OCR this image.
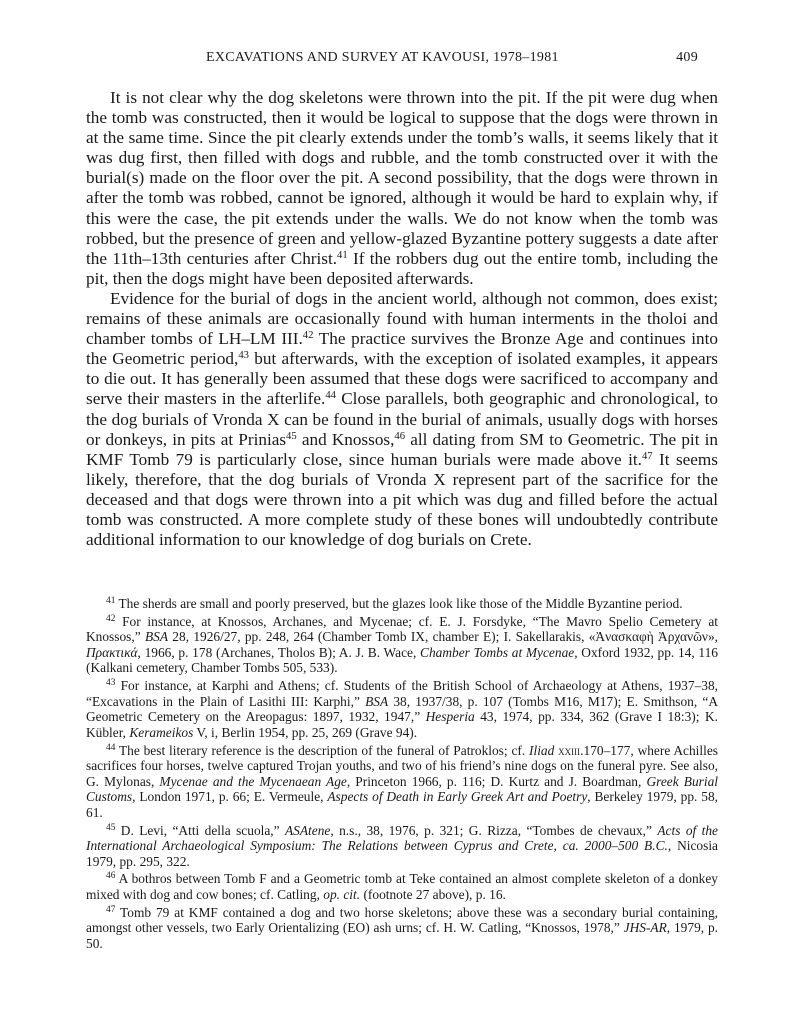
EXCAVATIONS AND SURVEY AT KAVOUSI, 1978–1981	409

It is not clear why the dog skeletons were thrown into the pit. If the pit were dug when the tomb was constructed, then it would be logical to suppose that the dogs were thrown in at the same time. Since the pit clearly extends under the tomb’s walls, it seems likely that it was dug first, then filled with dogs and rubble, and the tomb constructed over it with the burial(s) made on the floor over the pit. A second possibility, that the dogs were thrown in after the tomb was robbed, cannot be ignored, although it would be hard to explain why, if this were the case, the pit extends under the walls. We do not know when the tomb was robbed, but the presence of green and yellow-glazed Byzantine pottery suggests a date after the 11th–13th centuries after Christ.$^{41}$ If the robbers dug out the entire tomb, including the pit, then the dogs might have been deposited afterwards.

Evidence for the burial of dogs in the ancient world, although not common, does exist; remains of these animals are occasionally found with human interments in the tholoi and chamber tombs of LH–LM III.$^{42}$ The practice survives the Bronze Age and continues into the Geometric period,$^{43}$ but afterwards, with the exception of isolated examples, it appears to die out. It has generally been assumed that these dogs were sacrificed to accompany and serve their masters in the afterlife.$^{44}$ Close parallels, both geographic and chronological, to the dog burials of Vronda X can be found in the burial of animals, usually dogs with horses or donkeys, in pits at Prinias$^{45}$ and Knossos,$^{46}$ all dating from SM to Geometric. The pit in KMF Tomb 79 is particularly close, since human burials were made above it.$^{47}$ It seems likely, therefore, that the dog burials of Vronda X represent part of the sacrifice for the deceased and that dogs were thrown into a pit which was dug and filled before the actual tomb was constructed. A more complete study of these bones will undoubtedly contribute additional information to our knowledge of dog burials on Crete.

$^{41}$ The sherds are small and poorly preserved, but the glazes look like those of the Middle Byzantine period.

$^{42}$ For instance, at Knossos, Archanes, and Mycenae; cf. E. J. Forsdyke, “The Mavro Spelio Cemetery at Knossos,” BSA 28, 1926/27, pp. 248, 264 (Chamber Tomb IX, chamber E); I. Sakellarakis, «Ἀνασκαφὴ Ἀρχανῶν», Πρακτικά, 1966, p. 178 (Archanes, Tholos B); A. J. B. Wace, Chamber Tombs at Mycenae, Oxford 1932, pp. 14, 116 (Kalkani cemetery, Chamber Tombs 505, 533).

$^{43}$ For instance, at Karphi and Athens; cf. Students of the British School of Archaeology at Athens, 1937–38, “Excavations in the Plain of Lasithi III: Karphi,” BSA 38, 1937/38, p. 107 (Tombs M16, M17); E. Smithson, “A Geometric Cemetery on the Areopagus: 1897, 1932, 1947,” Hesperia 43, 1974, pp. 334, 362 (Grave I 18:3); K. Kübler, Kerameikos V, i, Berlin 1954, pp. 25, 269 (Grave 94).

$^{44}$ The best literary reference is the description of the funeral of Patroklos; cf. Iliad xxiii.170–177, where Achilles sacrifices four horses, twelve captured Trojan youths, and two of his friend’s nine dogs on the funeral pyre. See also, G. Mylonas, Mycenae and the Mycenaean Age, Princeton 1966, p. 116; D. Kurtz and J. Boardman, Greek Burial Customs, London 1971, p. 66; E. Vermeule, Aspects of Death in Early Greek Art and Poetry, Berkeley 1979, pp. 58, 61.

$^{45}$ D. Levi, “Atti della scuola,” ASAtene, n.s., 38, 1976, p. 321; G. Rizza, “Tombes de chevaux,” Acts of the International Archaeological Symposium: The Relations between Cyprus and Crete, ca. 2000–500 B.C., Nicosia 1979, pp. 295, 322.

$^{46}$ A bothros between Tomb F and a Geometric tomb at Teke contained an almost complete skeleton of a donkey mixed with dog and cow bones; cf. Catling, op. cit. (footnote 27 above), p. 16.

$^{47}$ Tomb 79 at KMF contained a dog and two horse skeletons; above these was a secondary burial containing, amongst other vessels, two Early Orientalizing (EO) ash urns; cf. H. W. Catling, “Knossos, 1978,” JHS-AR, 1979, p. 50.
